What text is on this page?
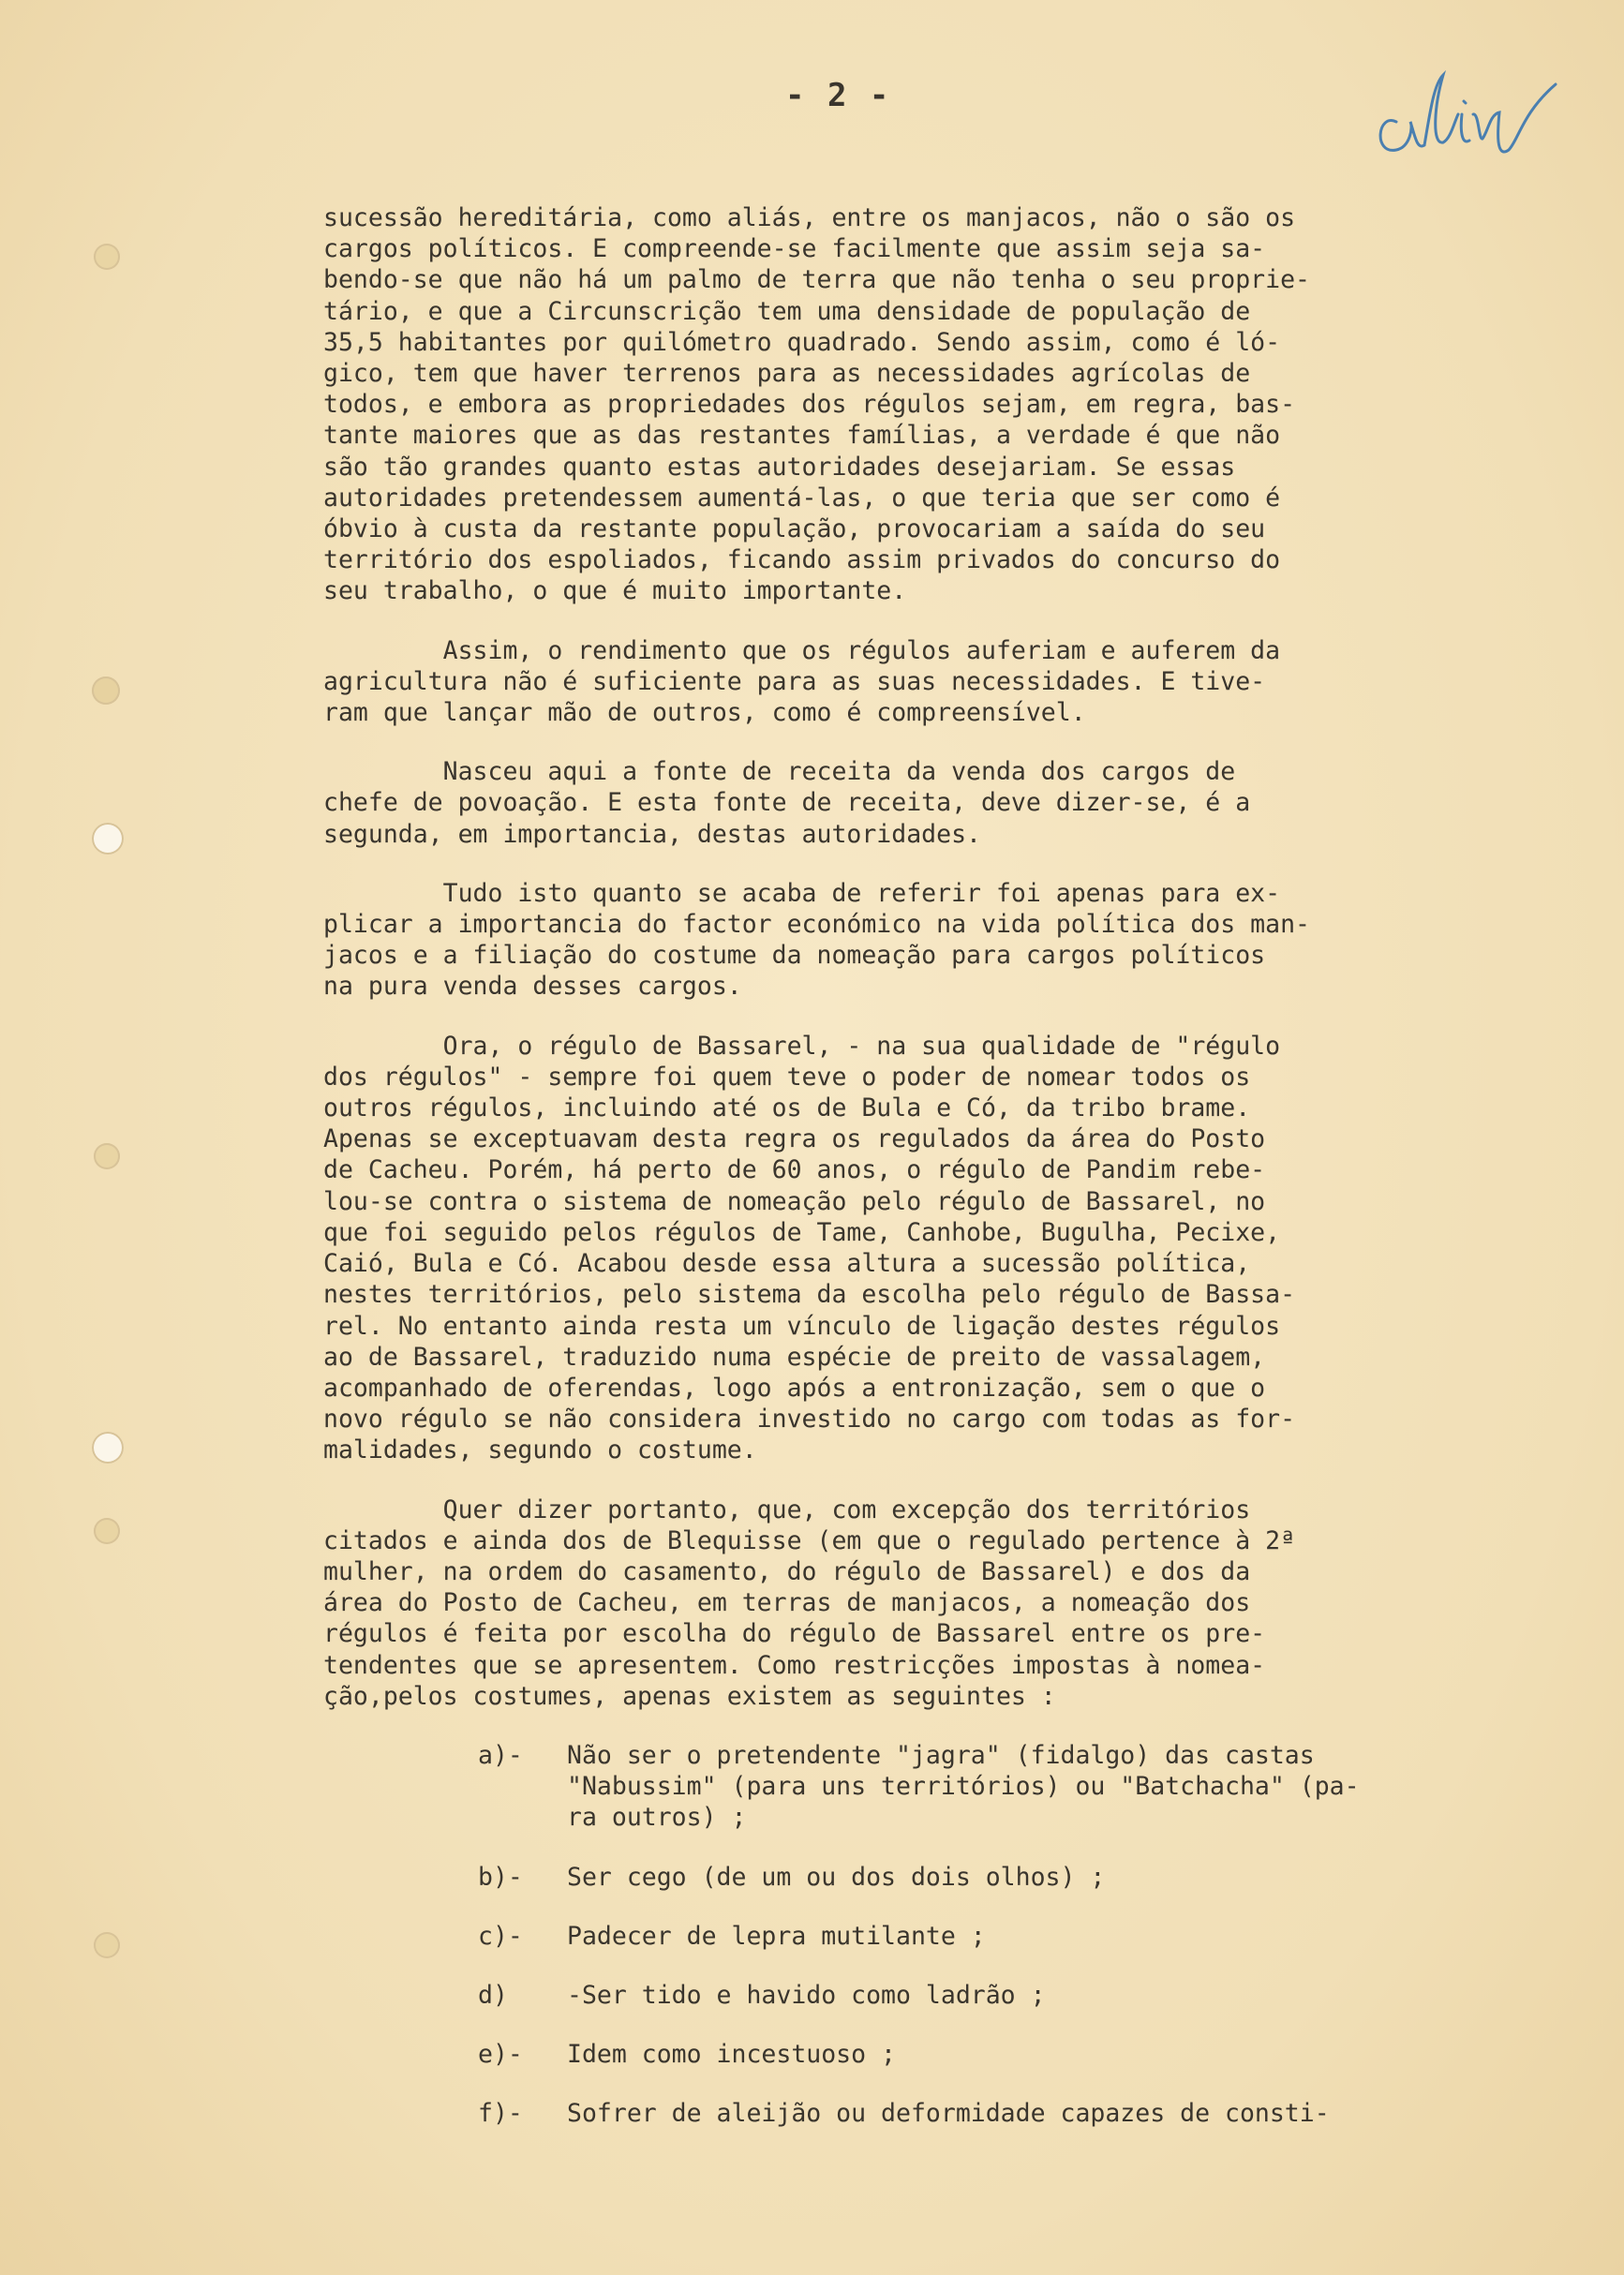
- 2 -
sucessão hereditária, como aliás, entre os manjacos, não o são os
cargos políticos. E compreende-se facilmente que assim seja sa-
bendo-se que não há um palmo de terra que não tenha o seu proprie-
tário, e que a Circunscrição tem uma densidade de população de
35,5 habitantes por quilómetro quadrado. Sendo assim, como é ló-
gico, tem que haver terrenos para as necessidades agrícolas de
todos, e embora as propriedades dos régulos sejam, em regra, bas-
tante maiores que as das restantes famílias, a verdade é que não
são tão grandes quanto estas autoridades desejariam. Se essas
autoridades pretendessem aumentá-las, o que teria que ser como é
óbvio à custa da restante população, provocariam a saída do seu
território dos espoliados, ficando assim privados do concurso do
seu trabalho, o que é muito importante.
Assim, o rendimento que os régulos auferiam e auferem da
agricultura não é suficiente para as suas necessidades. E tive-
ram que lançar mão de outros, como é compreensível.
Nasceu aqui a fonte de receita da venda dos cargos de
chefe de povoação. E esta fonte de receita, deve dizer-se, é a
segunda, em importancia, destas autoridades.
Tudo isto quanto se acaba de referir foi apenas para ex-
plicar a importancia do factor económico na vida política dos man-
jacos e a filiação do costume da nomeação para cargos políticos
na pura venda desses cargos.
Ora, o régulo de Bassarel, - na sua qualidade de "régulo
dos régulos" - sempre foi quem teve o poder de nomear todos os
outros régulos, incluindo até os de Bula e Có, da tribo brame.
Apenas se exceptuavam desta regra os regulados da área do Posto
de Cacheu. Porém, há perto de 60 anos, o régulo de Pandim rebe-
lou-se contra o sistema de nomeação pelo régulo de Bassarel, no
que foi seguido pelos régulos de Tame, Canhobe, Bugulha, Pecixe,
Caió, Bula e Có. Acabou desde essa altura a sucessão política,
nestes territórios, pelo sistema da escolha pelo régulo de Bassa-
rel. No entanto ainda resta um vínculo de ligação destes régulos
ao de Bassarel, traduzido numa espécie de preito de vassalagem,
acompanhado de oferendas, logo após a entronização, sem o que o
novo régulo se não considera investido no cargo com todas as for-
malidades, segundo o costume.
Quer dizer portanto, que, com excepção dos territórios
citados e ainda dos de Blequisse (em que o regulado pertence à 2ª
mulher, na ordem do casamento, do régulo de Bassarel) e dos da
área do Posto de Cacheu, em terras de manjacos, a nomeação dos
régulos é feita por escolha do régulo de Bassarel entre os pre-
tendentes que se apresentem. Como restricções impostas à nomea-
ção,pelos costumes, apenas existem as seguintes :
a)-	Não ser o pretendente "jagra" (fidalgo) das castas
"Nabussim" (para uns territórios) ou "Batchacha" (pa-
ra outros) ;
b)-	Ser cego (de um ou dos dois olhos) ;
c)-	Padecer de lepra mutilante ;
d)	-Ser tido e havido como ladrão ;
e)-	Idem como incestuoso ;
f)-	Sofrer de aleijão ou deformidade capazes de consti-
